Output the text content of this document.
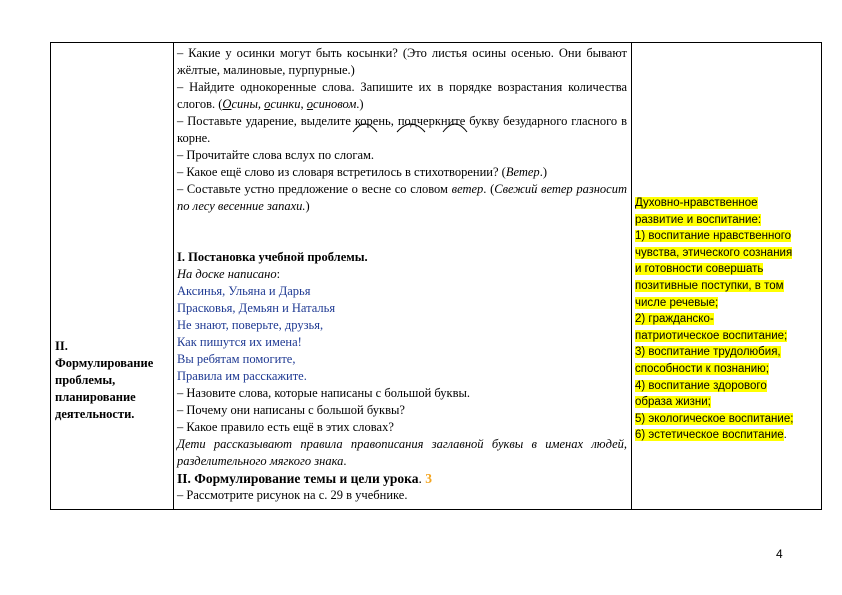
II.
Формулирование
проблемы,
планирование
деятельности.

– Какие у осинки могут быть косынки? (Это листья осины осенью. Они бывают жёлтые, малиновые, пурпурные.)

– Найдите однокоренные слова. Запишите их в порядке возрастания количества слогов. (Осины, осинки, осиновом.)

– Поставьте ударение, выделите корень, подчеркните букву безударного гласного в корне.

– Прочитайте слова вслух по слогам.

– Какое ещё слово из словаря встретилось в стихотворении? (Ветер.)

– Составьте устно предложение о весне со словом ветер. (Свежий ветер разносит по лесу весенние запахи.)

I. Постановка учебной проблемы.

На доске написано:

Аксинья, Ульяна и Дарья

Прасковья, Демьян и Наталья

Не знают, поверьте, друзья,

Как пишутся их имена!

Вы ребятам помогите,

Правила им расскажите.

– Назовите слова, которые написаны с большой буквы.

– Почему они написаны с большой буквы?

– Какое правило есть ещё в этих словах?

Дети рассказывают правила правописания заглавной буквы в именах людей, разделительного мягкого знака.

II. Формулирование темы и цели урока. 3

– Рассмотрите рисунок на с. 29 в учебнике.

Духовно-нравственное
развитие и воспитание:
1) воспитание нравственного
чувства, этического сознания
и готовности совершать
позитивные поступки, в том
числе речевые;
2) гражданско-
патриотическое воспитание;
3) воспитание трудолюбия,
способности к познанию;
4) воспитание здорового
образа жизни;
5) экологическое воспитание;
6) эстетическое воспитание.
4
